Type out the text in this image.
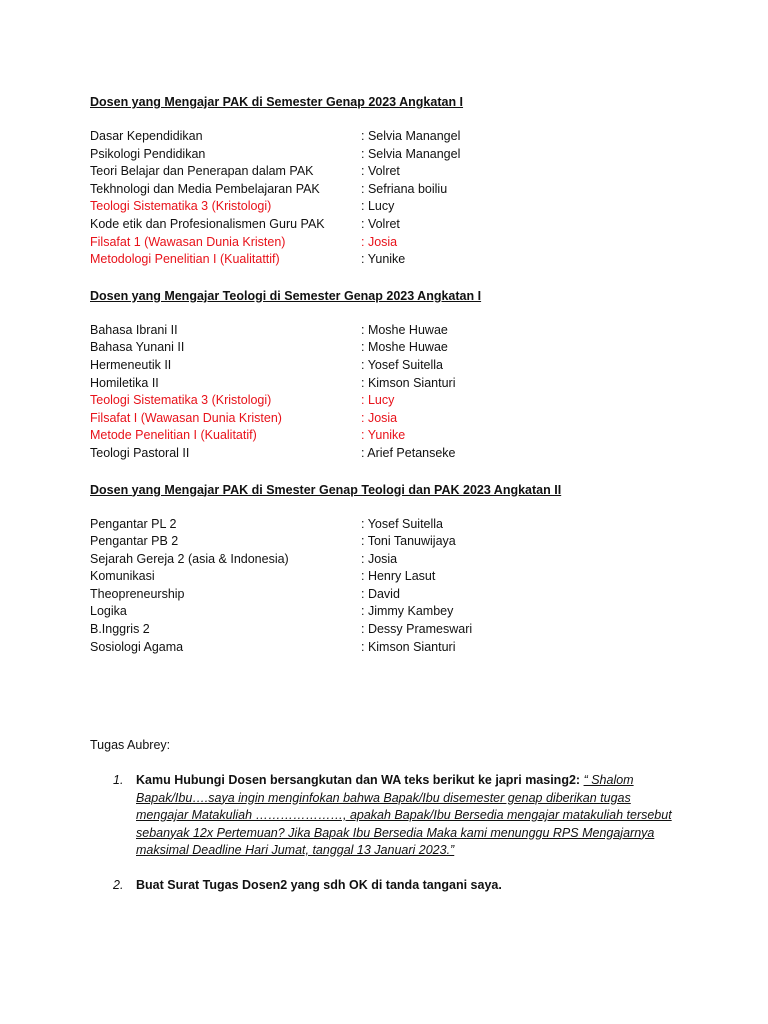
Dosen yang Mengajar PAK di Semester Genap 2023 Angkatan I
Dasar Kependidikan	: Selvia Manangel
Psikologi Pendidikan	: Selvia Manangel
Teori Belajar dan Penerapan dalam PAK	: Volret
Tekhnologi dan Media Pembelajaran PAK	: Sefriana boiliu
Teologi Sistematika 3 (Kristologi)	: Lucy
Kode etik dan Profesionalismen Guru PAK	: Volret
Filsafat 1 (Wawasan Dunia Kristen)	: Josia
Metodologi Penelitian I (Kualitattif)	: Yunike
Dosen yang Mengajar Teologi di Semester Genap 2023 Angkatan I
Bahasa Ibrani II	: Moshe Huwae
Bahasa Yunani II	: Moshe Huwae
Hermeneutik II	: Yosef Suitella
Homiletika II	: Kimson Sianturi
Teologi Sistematika 3 (Kristologi)	: Lucy
Filsafat I (Wawasan Dunia Kristen)	: Josia
Metode Penelitian I (Kualitatif)	: Yunike
Teologi Pastoral II	: Arief Petanseke
Dosen yang Mengajar PAK di Smester Genap Teologi dan PAK 2023 Angkatan II
Pengantar PL 2	: Yosef Suitella
Pengantar PB 2	: Toni Tanuwijaya
Sejarah Gereja 2 (asia & Indonesia)	: Josia
Komunikasi	: Henry Lasut
Theopreneurship	: David
Logika	: Jimmy Kambey
B.Inggris 2	: Dessy Prameswari
Sosiologi Agama	: Kimson Sianturi
Tugas Aubrey:
1. Kamu Hubungi Dosen bersangkutan dan WA teks berikut ke japri masing2: “ Shalom Bapak/Ibu….saya ingin menginfokan bahwa Bapak/Ibu disemester genap diberikan tugas mengajar Matakuliah …………………, apakah Bapak/Ibu Bersedia mengajar matakuliah tersebut sebanyak 12x Pertemuan? Jika Bapak Ibu Bersedia Maka kami menunggu RPS Mengajarnya maksimal Deadline Hari Jumat, tanggal 13 Januari 2023.”
2. Buat Surat Tugas Dosen2 yang sdh OK di tanda tangani saya.
